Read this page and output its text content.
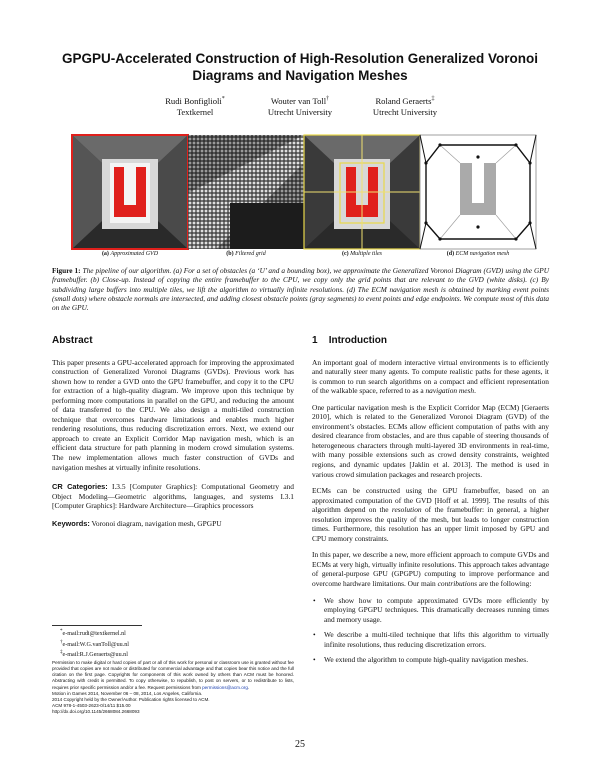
GPGPU-Accelerated Construction of High-Resolution Generalized Voronoi Diagrams and Navigation Meshes
Rudi Bonfiglioli*
Textkernel
Wouter van Toll†
Utrecht University
Roland Geraerts‡
Utrecht University
(a) Approximated GVD	(b) Filtered grid	(c) Multiple tiles	(d) ECM navigation mesh
Figure 1: The pipeline of our algorithm. (a) For a set of obstacles (a ‘U’ and a bounding box), we approximate the Generalized Voronoi Diagram (GVD) using the GPU framebuffer. (b) Close-up. Instead of copying the entire framebuffer to the CPU, we copy only the grid points that are relevant to the GVD (white disks). (c) By subdividing large buffers into multiple tiles, we lift the algorithm to virtually infinite resolutions. (d) The ECM navigation mesh is obtained by marking event points (small dots) where obstacle normals are intersected, and adding closest obstacle points (gray segments) to event points and edge endpoints. We compute most of this data on the GPU.
Abstract

This paper presents a GPU-accelerated approach for improving the approximated construction of Generalized Voronoi Diagrams (GVDs). Previous work has shown how to render a GVD onto the GPU framebuffer, and copy it to the CPU for extraction of a high-quality diagram. We improve upon this technique by performing more computations in parallel on the GPU, and reducing the amount of data transferred to the CPU. We also design a multi-tiled construction technique that overcomes hardware limitations and enables much higher rendering resolutions, thus reducing discretization errors. Next, we extend our approach to create an Explicit Corridor Map navigation mesh, which is an efficient data structure for path planning in modern crowd simulation systems. The new implementation allows much faster construction of GVDs and navigation meshes at virtually infinite resolutions.

CR Categories: I.3.5 [Computer Graphics]: Computational Geometry and Object Modeling—Geometric algorithms, languages, and systems I.3.1 [Computer Graphics]: Hardware Architecture—Graphics processors

Keywords: Voronoi diagram, navigation mesh, GPGPU

*e-mail:rudi@textkernel.nl
†e-mail:W.G.vanToll@uu.nl
‡e-mail:R.J.Geraerts@uu.nl
Permission to make digital or hard copies of part or all of this work for personal or classroom use is granted without fee provided that copies are not made or distributed for commercial advantage and that copies bear this notice and the full citation on the first page. Copyrights for components of this work owned by others than ACM must be honored. Abstracting with credit is permitted. To copy otherwise, to republish, to post on servers, or to redistribute to lists, requires prior specific permission and/or a fee. Request permissions from permissions@acm.org.
Motion in Games 2014, November 06 – 08, 2014, Los Angeles, California.
2014 Copyright held by the Owner/Author. Publication rights licensed to ACM.
ACM 978-1-4503-2623-0/14/11 $15.00
http://dx.doi.org/10.1145/2668084.2668093
1 Introduction

An important goal of modern interactive virtual environments is to efficiently and naturally steer many agents. To compute realistic paths for these agents, it is common to run search algorithms on a compact and efficient representation of the walkable space, referred to as a navigation mesh.

One particular navigation mesh is the Explicit Corridor Map (ECM) [Geraerts 2010], which is related to the Generalized Voronoi Diagram (GVD) of the environment’s obstacles. ECMs allow efficient computation of paths with any desired clearance from obstacles, and are thus capable of steering thousands of heterogeneous characters through multi-layered 3D environments in real-time, with many possible extensions such as crowd density constraints, weighted regions, and dynamic updates [Jaklin et al. 2013]. The method is used in various crowd simulation packages and research projects.

ECMs can be constructed using the GPU framebuffer, based on an approximated computation of the GVD [Hoff et al. 1999]. The results of this algorithm depend on the resolution of the framebuffer: in general, a higher resolution improves the quality of the mesh, but leads to longer construction times. Furthermore, this resolution has an upper limit imposed by GPU and CPU memory constraints.

In this paper, we describe a new, more efficient approach to compute GVDs and ECMs at very high, virtually infinite resolutions. This approach takes advantage of general-purpose GPU (GPGPU) computing to improve performance and overcome hardware limitations. Our main contributions are the following:

• We show how to compute approximated GVDs more efficiently by employing GPGPU techniques. This dramatically decreases running times and memory usage.
• We describe a multi-tiled technique that lifts this algorithm to virtually infinite resolutions, thus reducing discretization errors.
• We extend the algorithm to compute high-quality navigation meshes.
25
